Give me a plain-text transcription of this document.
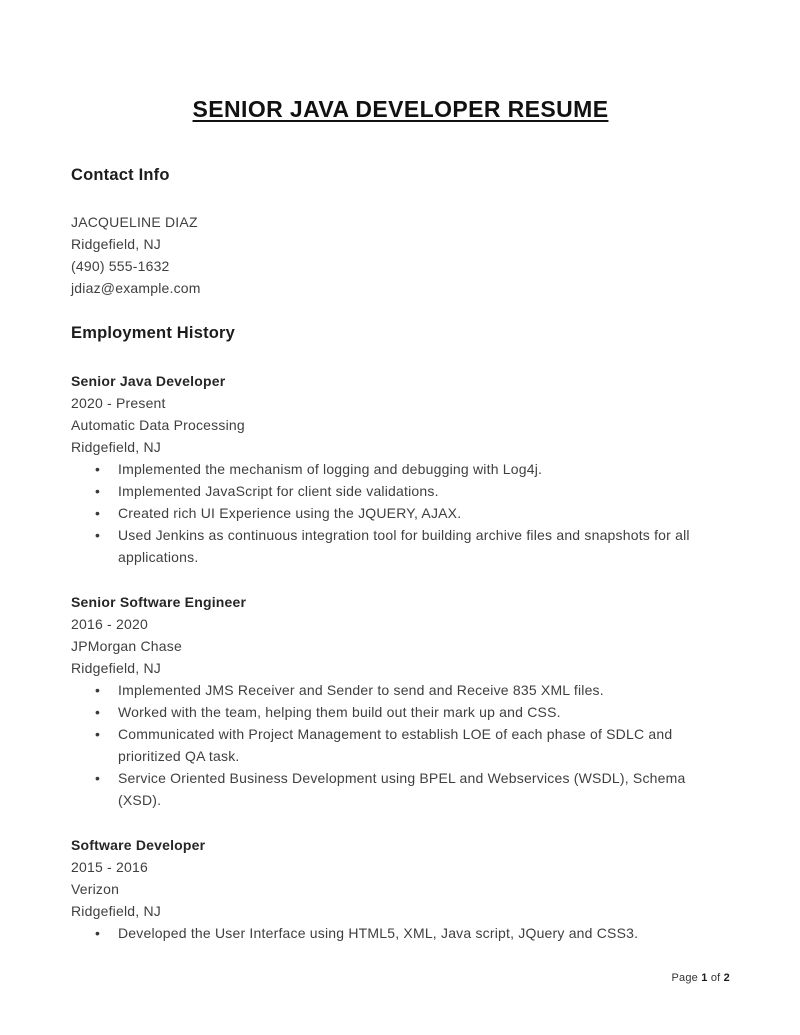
SENIOR JAVA DEVELOPER RESUME
Contact Info

JACQUELINE DIAZ

Ridgefield, NJ

(490) 555-1632

jdiaz@example.com

Employment History

Senior Java Developer

2020 - Present

Automatic Data Processing

Ridgefield, NJ

•	Implemented the mechanism of logging and debugging with Log4j.
•	Implemented JavaScript for client side validations.
•	Created rich UI Experience using the JQUERY, AJAX.
•	Used Jenkins as continuous integration tool for building archive files and snapshots for all applications.

Senior Software Engineer

2016 - 2020

JPMorgan Chase

Ridgefield, NJ

•	Implemented JMS Receiver and Sender to send and Receive 835 XML files.
•	Worked with the team, helping them build out their mark up and CSS.
•	Communicated with Project Management to establish LOE of each phase of SDLC and prioritized QA task.
•	Service Oriented Business Development using BPEL and Webservices (WSDL), Schema (XSD).

Software Developer

2015 - 2016

Verizon

Ridgefield, NJ

•	Developed the User Interface using HTML5, XML, Java script, JQuery and CSS3.
Page 1 of 2
